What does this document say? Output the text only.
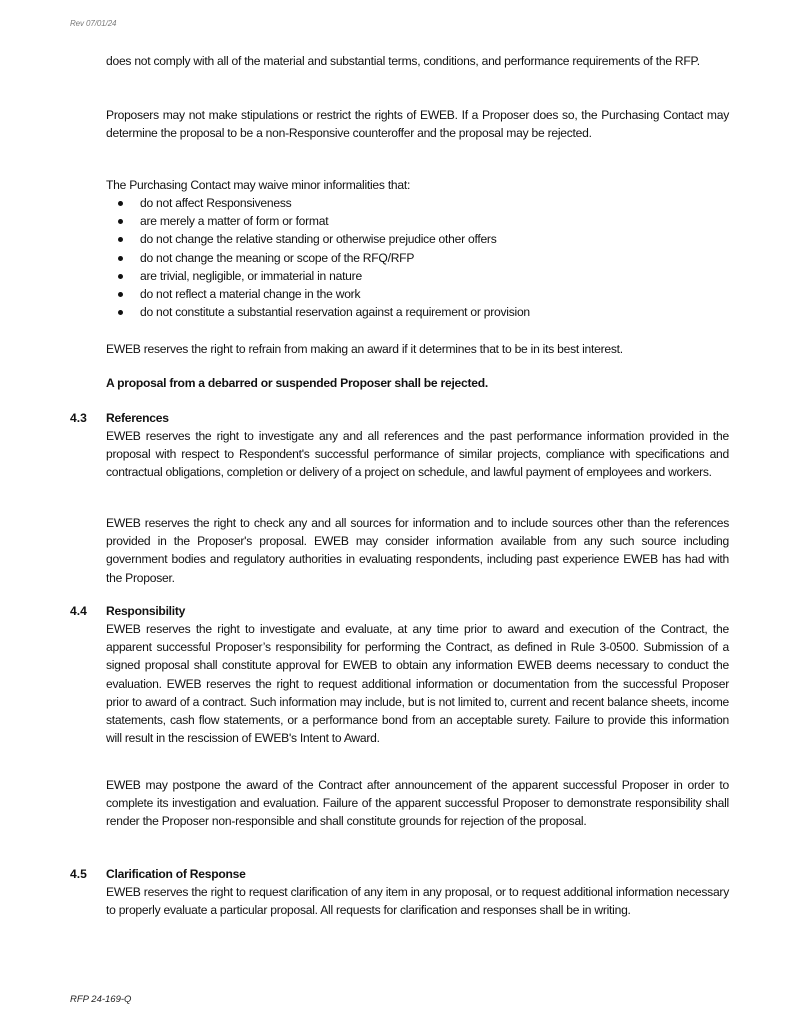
Rev 07/01/24
does not comply with all of the material and substantial terms, conditions, and performance requirements of the RFP.
Proposers may not make stipulations or restrict the rights of EWEB. If a Proposer does so, the Purchasing Contact may determine the proposal to be a non-Responsive counteroffer and the proposal may be rejected.
The Purchasing Contact may waive minor informalities that:
do not affect Responsiveness
are merely a matter of form or format
do not change the relative standing or otherwise prejudice other offers
do not change the meaning or scope of the RFQ/RFP
are trivial, negligible, or immaterial in nature
do not reflect a material change in the work
do not constitute a substantial reservation against a requirement or provision
EWEB reserves the right to refrain from making an award if it determines that to be in its best interest.
A proposal from a debarred or suspended Proposer shall be rejected.
4.3 References
EWEB reserves the right to investigate any and all references and the past performance information provided in the proposal with respect to Respondent's successful performance of similar projects, compliance with specifications and contractual obligations, completion or delivery of a project on schedule, and lawful payment of employees and workers.
EWEB reserves the right to check any and all sources for information and to include sources other than the references provided in the Proposer's proposal. EWEB may consider information available from any such source including government bodies and regulatory authorities in evaluating respondents, including past experience EWEB has had with the Proposer.
4.4 Responsibility
EWEB reserves the right to investigate and evaluate, at any time prior to award and execution of the Contract, the apparent successful Proposer’s responsibility for performing the Contract, as defined in Rule 3-0500. Submission of a signed proposal shall constitute approval for EWEB to obtain any information EWEB deems necessary to conduct the evaluation. EWEB reserves the right to request additional information or documentation from the successful Proposer prior to award of a contract. Such information may include, but is not limited to, current and recent balance sheets, income statements, cash flow statements, or a performance bond from an acceptable surety. Failure to provide this information will result in the rescission of EWEB's Intent to Award.
EWEB may postpone the award of the Contract after announcement of the apparent successful Proposer in order to complete its investigation and evaluation. Failure of the apparent successful Proposer to demonstrate responsibility shall render the Proposer non-responsible and shall constitute grounds for rejection of the proposal.
4.5 Clarification of Response
EWEB reserves the right to request clarification of any item in any proposal, or to request additional information necessary to properly evaluate a particular proposal. All requests for clarification and responses shall be in writing.
RFP 24-169-Q
